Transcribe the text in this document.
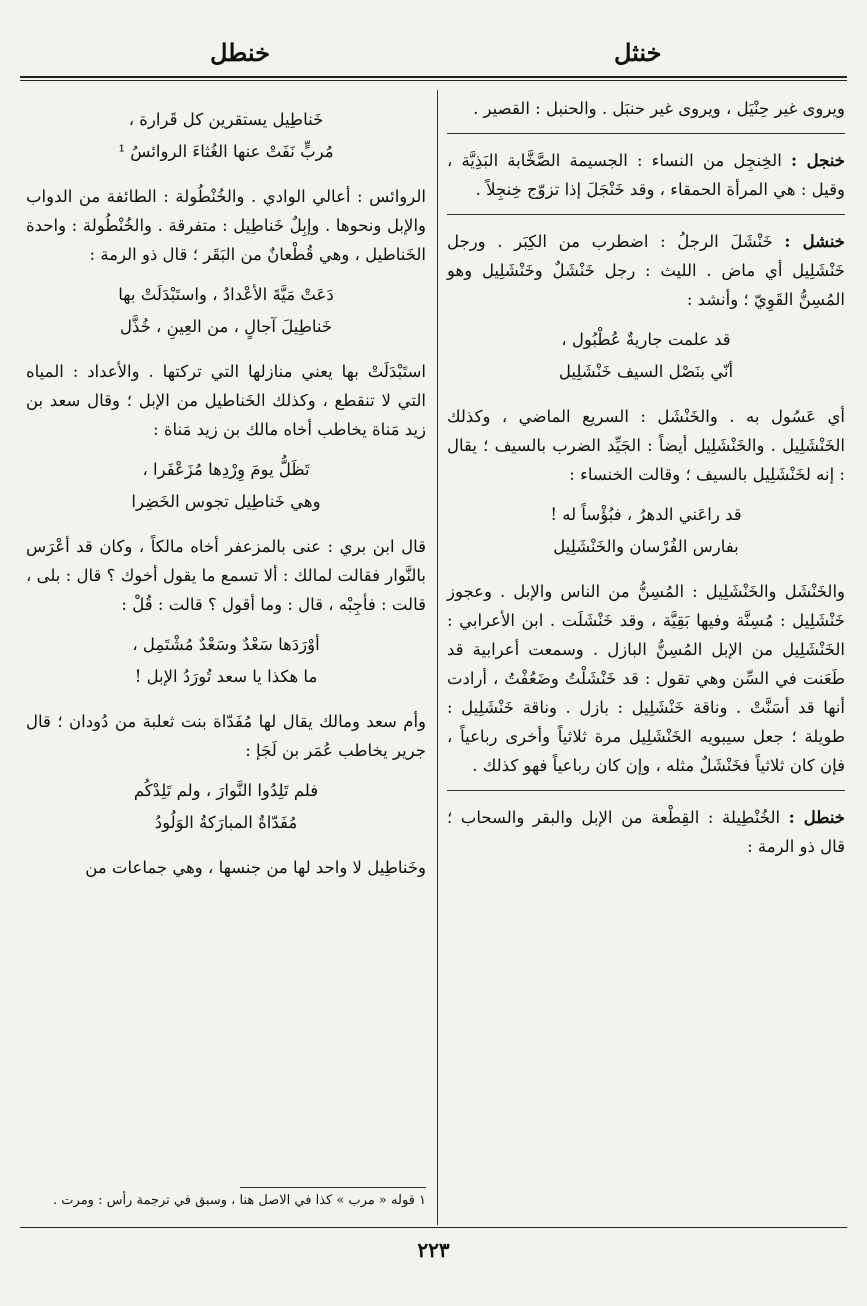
خنثل
خنطل

ويروى غير حِنْيَل ، ويروى غير حنبَل . والحنبل : القصير .

خنجل : الخِنجِل من النساء : الجسيمة الصَّخَّابة البَذِيَّة ، وقيل : هي المرأة الحمقاء ، وقد خَنْجَلَ إذا تزوّج خِنجِلاً .

خنشل : خَنْشَلَ الرجلُ : اضطرب من الكِبَر . ورجل خَنْشَلِيل أي ماض . الليث : رجل خَنْشَلٌ وخَنْشَلِيل وهو المُسِنُّ القَوِيّ ؛ وأنشد :

قد علمت جاريةٌ عُطْبُول ،
أنّي بنَصْل السيف خَنْشَلِيل

أي عَسُول به . والخَنْشَل : السريع الماضي ، وكذلك الخَنْشَلِيل . والخَنْشَلِيل أيضاً : الجَيِّد الضرب بالسيف ؛ يقال : إنه لخَنْشَلِيل بالسيف ؛ وقالت الخنساء :

قد راعَني الدهرُ ، فبُؤْساً له !
بفارس الفُرْسان والخَنْشَلِيل

والخَنْشَل والخَنْشَلِيل : المُسِنُّ من الناس والإبل . وعجوز خَنْشَلِيل : مُسِنَّة وفيها بَقِيَّة ، وقد خَنْشَلَت . ابن الأعرابي : الخَنْشَلِيل من الإبل المُسِنُّ البازل . وسمعت أعرابية قد طَعَنت في السِّن وهي تقول : قد خَنْشَلْتُ وضَعُفْتُ ، أرادت أنها قد أسَنَّتْ . وناقة خَنْشَلِيل : بازل . وناقة خَنْشَلِيل : طويلة ؛ جعل سيبويه الخَنْشَلِيل مرة ثلاثياً وأخرى رباعياً ، فإن كان ثلاثياً فخَنْشَلٌ مثله ، وإن كان رباعياً فهو كذلك .

خنطل : الخُنْطِيلة : القِطْعة من الإبل والبقر والسحاب ؛ قال ذو الرمة :

خَناطِيل يستقرين كل قَرارة ،
مُربٍّ نَفَتْ عنها الغُثاءَ الروائسُ ¹

الروائس : أعالي الوادي . والخُنْطُولة : الطائفة من الدواب والإبل ونحوها . وإبِلٌ خَناطِيل : متفرقة . والخُنْطُولة : واحدة الخَناطيل ، وهي قُطْعانٌ من البَقَر ؛ قال ذو الرمة :

دَعَتْ مَيَّةَ الأعْدادُ ، واستَبْدَلَتْ بها
خَناطِيلَ آجالٍ ، من العِينِ ، خُذَّل

استَبْدَلَتْ بها يعني منازلها التي تركتها . والأعداد : المياه التي لا تنقطع ، وكذلك الخَناطيل من الإبل ؛ وقال سعد بن زيد مَناة يخاطب أخاه مالك بن زيد مَناة :

تَظَلُّ يومَ وِرْدِها مُزَعْفَرا ،
وهي خَناطِيل تجوس الخَضِرا

قال ابن بري : عنى بالمزعفر أخاه مالكاً ، وكان قد أعْرَس بالنَّوار فقالت لمالك : ألا تسمع ما يقول أخوك ؟ قال : بلى ، قالت : فأجِبْه ، قال : وما أقول ؟ قالت : قُلْ :

أوْرَدَها سَعْدٌ وسَعْدٌ مُشْتَمِل ،
ما هكذا يا سعد تُورَدُ الإبل !

وأم سعد ومالك يقال لها مُفَدّاة بنت ثعلبة من دُودان ؛ قال جرير يخاطب عُمَر بن لَجَإ :

فلم تَلِدُوا النَّوارَ ، ولم تَلِدْكُم
مُفَدّاةُ المبارَكةُ الوَلُودُ

وخَناطِيل لا واحد لها من جنسها ، وهي جماعات من

١ قوله « مرب » كذا في الاصل هنا ، وسبق في ترجمة رأس : ومرت .
٢٢٣
